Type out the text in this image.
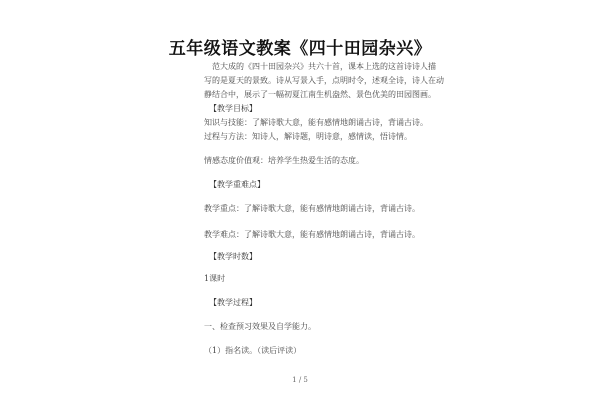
五年级语文教案《四十田园杂兴》
范大成的《四十田园杂兴》共六十首，课本上选的这首诗诗人描
写的是夏天的景致。诗从写景入手，点明时令，述观全诗，诗人在动
静结合中，展示了一幅初夏江南生机盎然、景色优美的田园图画。
【教学目标】
知识与技能：了解诗歌大意，能有感情地朗诵古诗，背诵古诗。
过程与方法：知诗人，解诗题，明诗意，感情读，悟诗情。
情感态度价值观：培养学生热爱生活的态度。
【教学重难点】
教学重点：了解诗歌大意，能有感情地朗诵古诗，背诵古诗。
教学难点：了解诗歌大意，能有感情地朗诵古诗，背诵古诗。
【教学时数】
1课时
【教学过程】
一、检查预习效果及自学能力。
（1）指名读。（读后评读）
1 / 5
